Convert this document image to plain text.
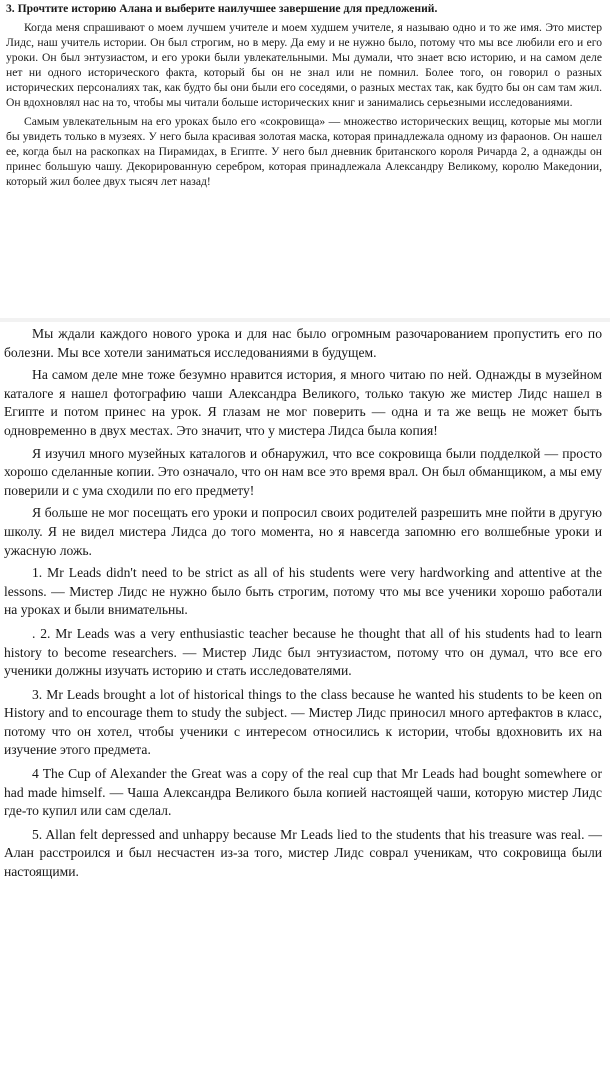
3. Прочтите историю Алана и выберите наилучшее завершение для предложений.

Когда меня спрашивают о моем лучшем учителе и моем худшем учителе, я называю одно и то же имя. Это мистер Лидс, наш учитель истории. Он был строгим, но в меру. Да ему и не нужно было, потому что мы все любили его и его уроки. Он был энтузиастом, и его уроки были увлекательными. Мы думали, что знает всю историю, и на самом деле нет ни одного исторического факта, который бы он не знал или не помнил. Более того, он говорил о разных исторических персоналиях так, как будто бы они были его соседями, о разных местах так, как будто бы он сам там жил. Он вдохновлял нас на то, чтобы мы читали больше исторических книг и занимались серьезными исследованиями.

Самым увлекательным на его уроках было его «сокровища» — множество исторических вещиц, которые мы могли бы увидеть только в музеях. У него была красивая золотая маска, которая принадлежала одному из фараонов. Он нашел ее, когда был на раскопках на Пирамидах, в Египте. У него был дневник британского короля Ричарда 2, а однажды он принес большую чашу. Декорированную серебром, которая принадлежала Александру Великому, королю Македонии, который жил более двух тысяч лет назад!

Мы ждали каждого нового урока и для нас было огромным разочарованием пропустить его по болезни. Мы все хотели заниматься исследованиями в будущем.

На самом деле мне тоже безумно нравится история, я много читаю по ней. Однажды в музейном каталоге я нашел фотографию чаши Александра Великого, только такую же мистер Лидс нашел в Египте и потом принес на урок. Я глазам не мог поверить — одна и та же вещь не может быть одновременно в двух местах. Это значит, что у мистера Лидса была копия!

Я изучил много музейных каталогов и обнаружил, что все сокровища были подделкой — просто хорошо сделанные копии. Это означало, что он нам все это время врал. Он был обманщиком, а мы ему поверили и с ума сходили по его предмету!

Я больше не мог посещать его уроки и попросил своих родителей разрешить мне пойти в другую школу. Я не видел мистера Лидса до того момента, но я навсегда запомню его волшебные уроки и ужасную ложь.

1. Mr Leads didn't need to be strict as all of his students were very hardworking and attentive at the lessons. — Мистер Лидс не нужно было быть строгим, потому что мы все ученики хорошо работали на уроках и были внимательны.

. 2. Mr Leads was a very enthusiastic teacher because he thought that all of his students had to learn history to become researchers. — Мистер Лидс был энтузиастом, потому что он думал, что все его ученики должны изучать историю и стать исследователями.

3. Mr Leads brought a lot of historical things to the class because he wanted his students to be keen on History and to encourage them to study the subject. — Мистер Лидс приносил много артефактов в класс, потому что он хотел, чтобы ученики с интересом относились к истории, чтобы вдохновить их на изучение этого предмета.

4 The Cup of Alexander the Great was a copy of the real cup that Mr Leads had bought somewhere or had made himself. — Чаша Александра Великого была копией настоящей чаши, которую мистер Лидс где-то купил или сам сделал.

5. Allan felt depressed and unhappy because Mr Leads lied to the students that his treasure was real. — Алан расстроился и был несчастен из-за того, мистер Лидс соврал ученикам, что сокровища были настоящими.
